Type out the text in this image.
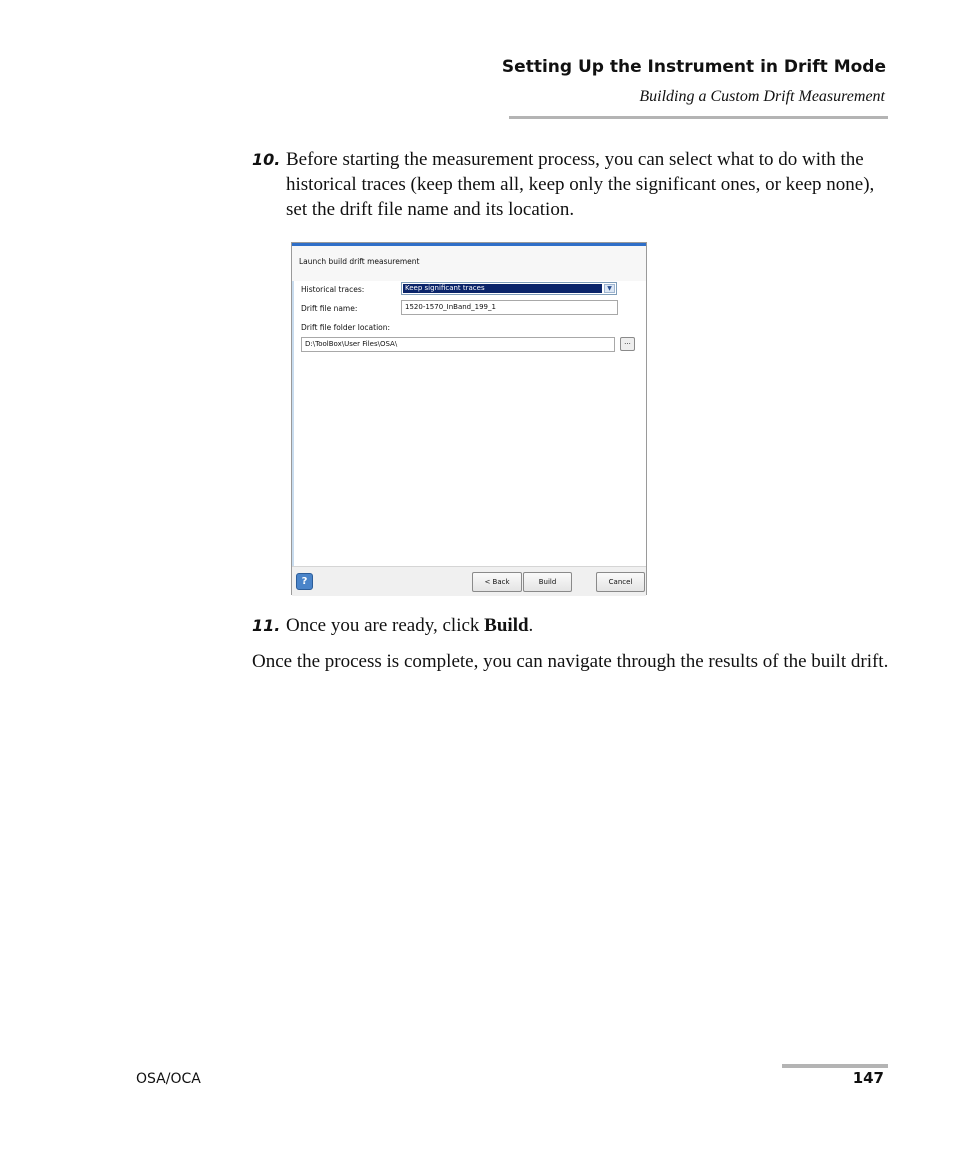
Setting Up the Instrument in Drift Mode
Building a Custom Drift Measurement
10. Before starting the measurement process, you can select what to do with the historical traces (keep them all, keep only the significant ones, or keep none), set the drift file name and its location.
Launch build drift measurement
Historical traces:	Keep significant traces	▼
Drift file name:	1520-1570_InBand_199_1
Drift file folder location:
D:\ToolBox\User Files\OSA\	...
?	< Back	Build	Cancel
11. Once you are ready, click Build.
Once the process is complete, you can navigate through the results of the built drift.
OSA/OCA	147
